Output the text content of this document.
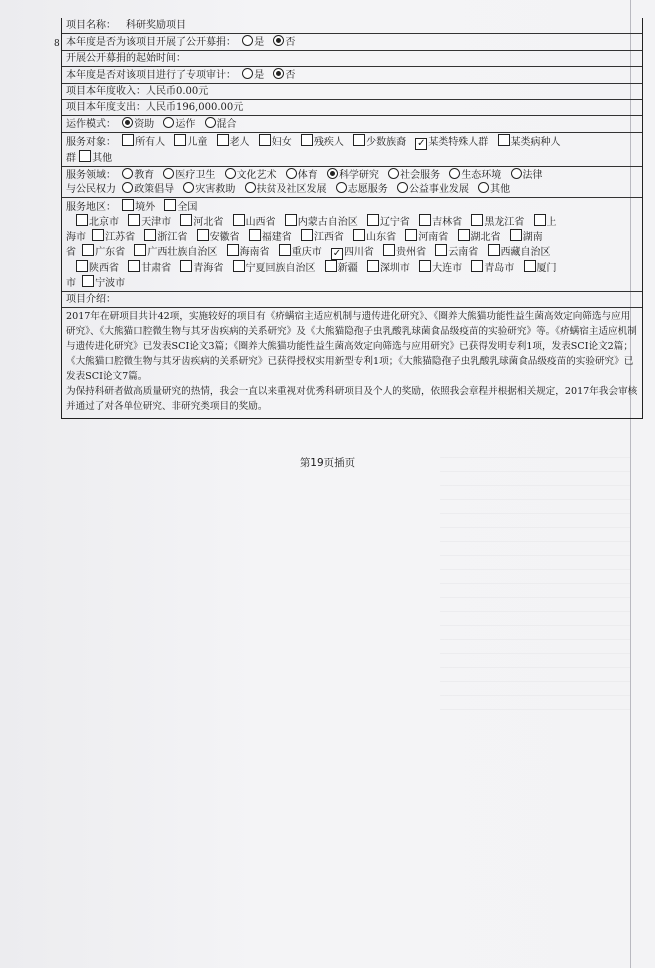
8
项目名称： 科研奖励项目
本年度是否为该项目开展了公开募捐： 是 否
开展公开募捐的起始时间：
本年度是否对该项目进行了专项审计： 是 否
项目本年度收入：人民币0.00元
项目本年度支出：人民币196,000.00元
运作模式： 资助 运作 混合
服务对象： 所有人 儿童 老人 妇女 残疾人 少数族裔 ✓ 某类特殊人群 某类病种人
群 其他
服务领域： 教育 医疗卫生 文化艺术 体育 科学研究 社会服务 生态环境 法律
与公民权力 政策倡导 灾害救助 扶贫及社区发展 志愿服务 公益事业发展 其他
服务地区： 境外 全国
北京市 天津市 河北省 山西省 内蒙古自治区 辽宁省 吉林省 黑龙江省 上
海市 江苏省 浙江省 安徽省 福建省 江西省 山东省 河南省 湖北省 湖南
省 广东省 广西壮族自治区 海南省 重庆市 ✓ 四川省 贵州省 云南省 西藏自治区
陕西省 甘肃省 青海省 宁夏回族自治区 新疆 深圳市 大连市 青岛市 厦门
市 宁波市
项目介绍：
2017年在研项目共计42项，实施较好的项目有《疥螨宿主适应机制与遗传进化研究》、《圈养大熊猫功能性益生菌高效定向筛选与应用研究》、《大熊猫口腔微生物与其牙齿疾病的关系研究》及《大熊猫隐孢子虫乳酸乳球菌食品级疫苗的实验研究》等。《疥螨宿主适应机制与遗传进化研究》已发表SCI论文3篇；《圈养大熊猫功能性益生菌高效定向筛选与应用研究》已获得发明专利1项，发表SCI论文2篇；《大熊猫口腔微生物与其牙齿疾病的关系研究》已获得授权实用新型专利1项；《大熊猫隐孢子虫乳酸乳球菌食品级疫苗的实验研究》已发表SCI论文7篇。
为保持科研者做高质量研究的热情，我会一直以来重视对优秀科研项目及个人的奖励，依照我会章程并根据相关规定，2017年我会审核并通过了对各单位研究、非研究类项目的奖励。
第19页插页
